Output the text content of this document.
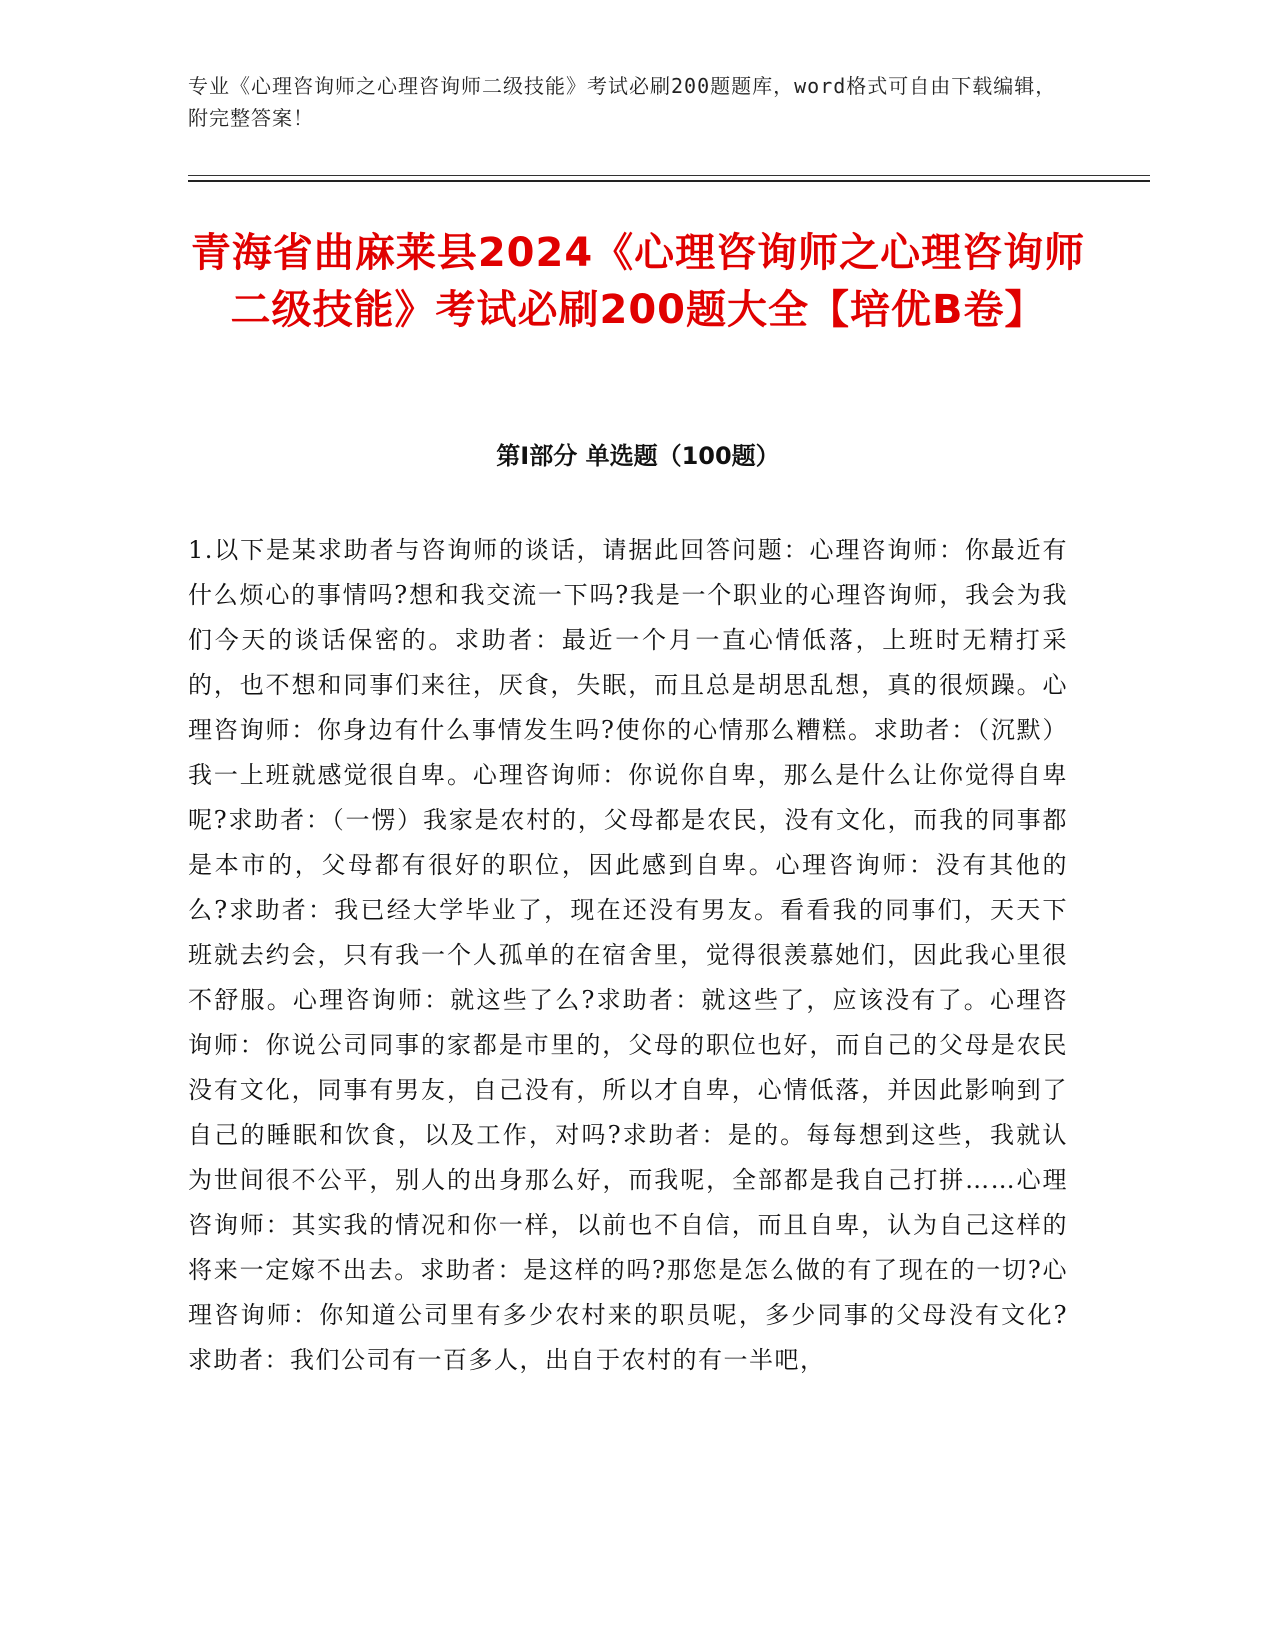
专业《心理咨询师之心理咨询师二级技能》考试必刷200题题库，word格式可自由下载编辑，附完整答案！
青海省曲麻莱县2024《心理咨询师之心理咨询师二级技能》考试必刷200题大全【培优B卷】
第Ⅰ部分 单选题（100题）

1.以下是某求助者与咨询师的谈话，请据此回答问题：心理咨询师：你最近有什么烦心的事情吗?想和我交流一下吗?我是一个职业的心理咨询师，我会为我们今天的谈话保密的。求助者：最近一个月一直心情低落，上班时无精打采的，也不想和同事们来往，厌食，失眠，而且总是胡思乱想，真的很烦躁。心理咨询师：你身边有什么事情发生吗?使你的心情那么糟糕。求助者：（沉默）我一上班就感觉很自卑。心理咨询师：你说你自卑，那么是什么让你觉得自卑呢?求助者：（一愣）我家是农村的，父母都是农民，没有文化，而我的同事都是本市的，父母都有很好的职位，因此感到自卑。心理咨询师：没有其他的么?求助者：我已经大学毕业了，现在还没有男友。看看我的同事们，天天下班就去约会，只有我一个人孤单的在宿舍里，觉得很羡慕她们，因此我心里很不舒服。心理咨询师：就这些了么?求助者：就这些了，应该没有了。心理咨询师：你说公司同事的家都是市里的，父母的职位也好，而自己的父母是农民没有文化，同事有男友，自己没有，所以才自卑，心情低落，并因此影响到了自己的睡眠和饮食，以及工作，对吗?求助者：是的。每每想到这些，我就认为世间很不公平，别人的出身那么好，而我呢，全部都是我自己打拼……心理咨询师：其实我的情况和你一样，以前也不自信，而且自卑，认为自己这样的将来一定嫁不出去。求助者：是这样的吗?那您是怎么做的有了现在的一切?心理咨询师：你知道公司里有多少农村来的职员呢，多少同事的父母没有文化?求助者：我们公司有一百多人，出自于农村的有一半吧，
